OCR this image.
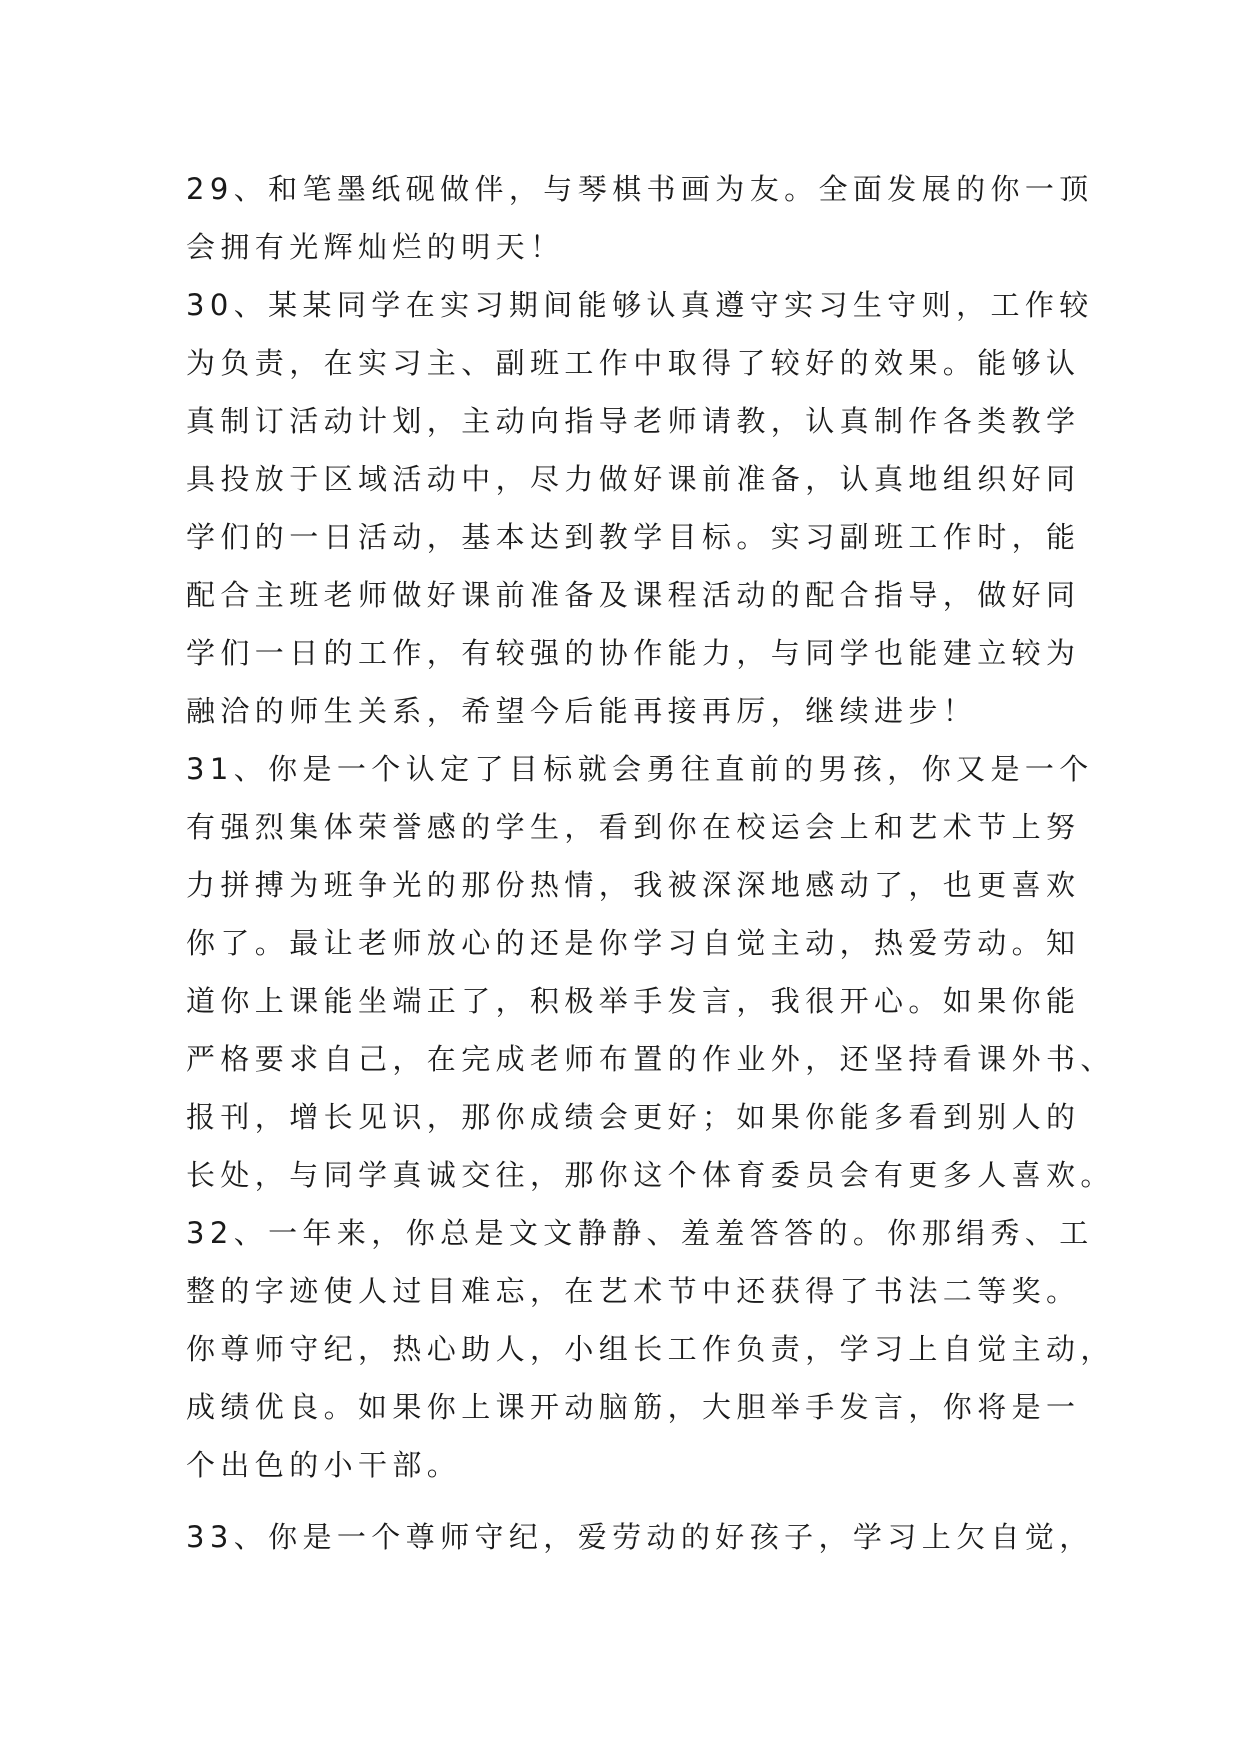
29、和笔墨纸砚做伴，与琴棋书画为友。全面发展的你一顶
会拥有光辉灿烂的明天！
30、某某同学在实习期间能够认真遵守实习生守则，工作较
为负责，在实习主、副班工作中取得了较好的效果。能够认
真制订活动计划，主动向指导老师请教，认真制作各类教学
具投放于区域活动中，尽力做好课前准备，认真地组织好同
学们的一日活动，基本达到教学目标。实习副班工作时，能
配合主班老师做好课前准备及课程活动的配合指导，做好同
学们一日的工作，有较强的协作能力，与同学也能建立较为
融洽的师生关系，希望今后能再接再厉，继续进步！
31、你是一个认定了目标就会勇往直前的男孩，你又是一个
有强烈集体荣誉感的学生，看到你在校运会上和艺术节上努
力拼搏为班争光的那份热情，我被深深地感动了，也更喜欢
你了。最让老师放心的还是你学习自觉主动，热爱劳动。知
道你上课能坐端正了，积极举手发言，我很开心。如果你能
严格要求自己，在完成老师布置的作业外，还坚持看课外书、
报刊，增长见识，那你成绩会更好；如果你能多看到别人的
长处，与同学真诚交往，那你这个体育委员会有更多人喜欢。
32、一年来，你总是文文静静、羞羞答答的。你那绢秀、工
整的字迹使人过目难忘，在艺术节中还获得了书法二等奖。
你尊师守纪，热心助人，小组长工作负责，学习上自觉主动，
成绩优良。如果你上课开动脑筋，大胆举手发言，你将是一
个出色的小干部。
33、你是一个尊师守纪，爱劳动的好孩子，学习上欠自觉，
